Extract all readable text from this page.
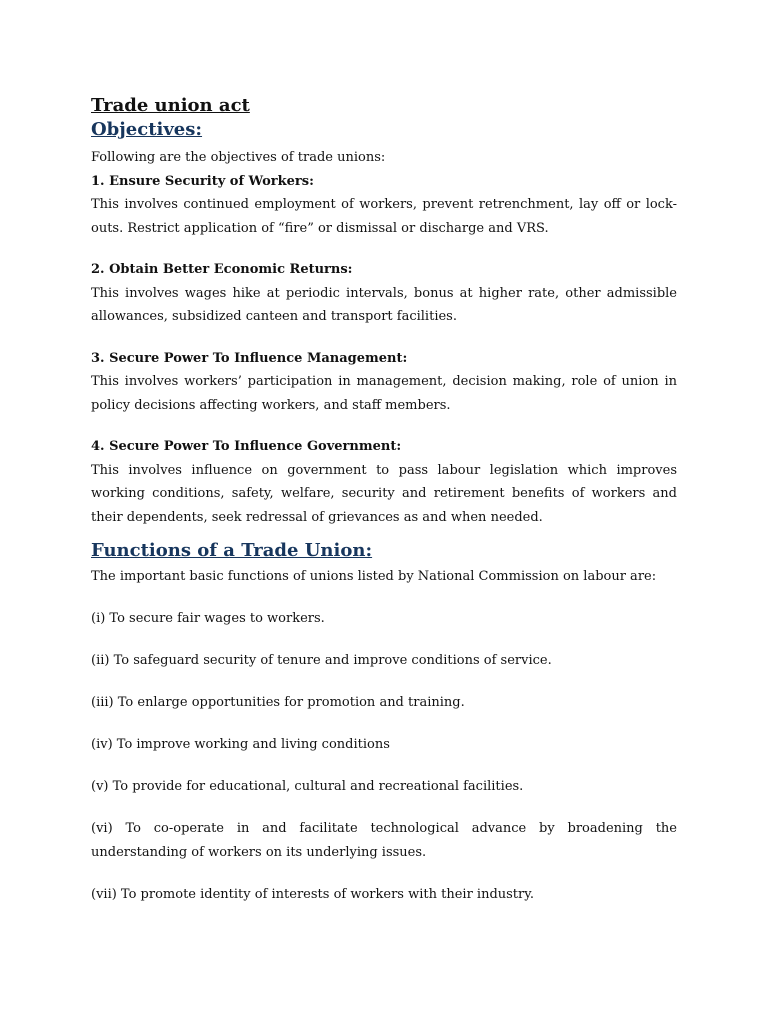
Trade union act
Objectives:

Following are the objectives of trade unions:

1. Ensure Security of Workers:

This involves continued employment of workers, prevent retrenchment, lay off or lock-outs. Restrict application of “fire” or dismissal or discharge and VRS.

2. Obtain Better Economic Returns:

This involves wages hike at periodic intervals, bonus at higher rate, other admissible allowances, subsidized canteen and transport facilities.

3. Secure Power To Influence Management:

This involves workers’ participation in management, decision making, role of union in policy decisions affecting workers, and staff members.

4. Secure Power To Influence Government:

This involves influence on government to pass labour legislation which improves working conditions, safety, welfare, security and retirement benefits of workers and their dependents, seek redressal of grievances as and when needed.

Functions of a Trade Union:

The important basic functions of unions listed by National Commission on labour are:

(i) To secure fair wages to workers.

(ii) To safeguard security of tenure and improve conditions of service.

(iii) To enlarge opportunities for promotion and training.

(iv) To improve working and living conditions

(v) To provide for educational, cultural and recreational facilities.

(vi) To co-operate in and facilitate technological advance by broadening the understanding of workers on its underlying issues.

(vii) To promote identity of interests of workers with their industry.
